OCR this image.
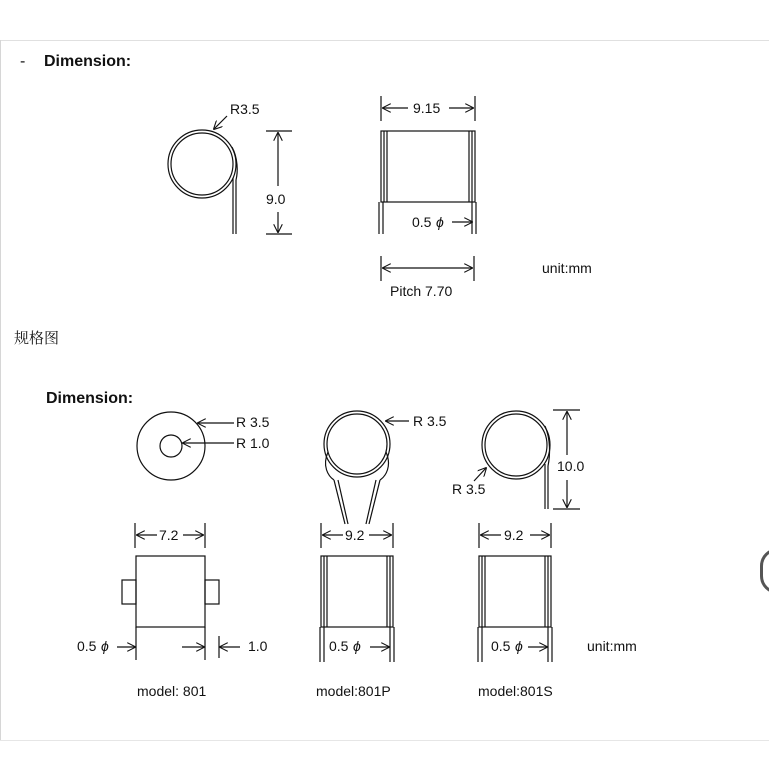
- Dimension:
规格图
Dimension:
R3.5
9.0
9.15
0.5 ϕ
Pitch 7.70
unit:mm
R 3.5
R 1.0
R 3.5
R 3.5
10.0
7.2	9.2	9.2
0.5 ϕ	1.0	0.5 ϕ	0.5 ϕ	unit:mm
model: 801	model:801P	model:801S
